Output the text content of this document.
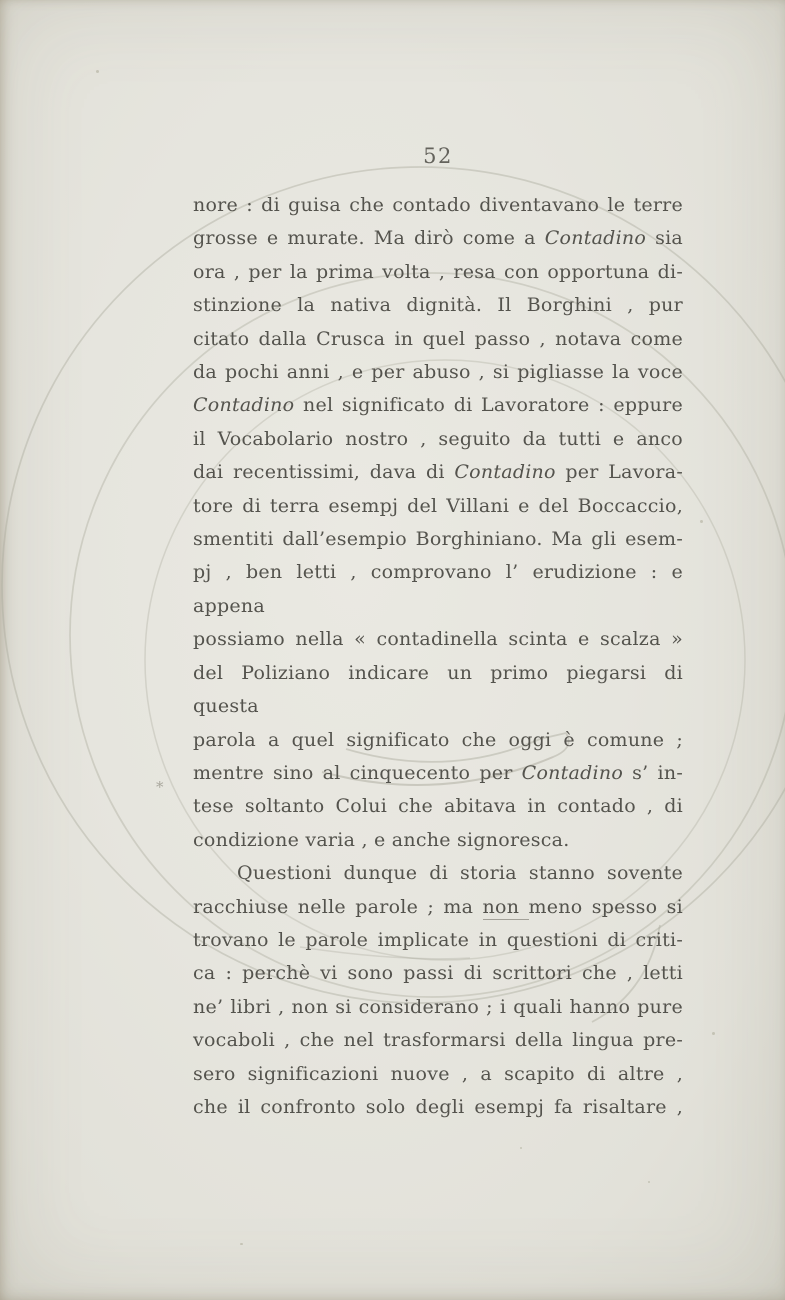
52
nore : di guisa che contado diventavano le terre
grosse e murate. Ma dirò come a Contadino sia
ora , per la prima volta , resa con opportuna di-
stinzione la nativa dignità. Il Borghini , pur
citato dalla Crusca in quel passo , notava come
da pochi anni , e per abuso , si pigliasse la voce
Contadino nel significato di Lavoratore : eppure
il Vocabolario nostro , seguito da tutti e anco
dai recentissimi, dava di Contadino per Lavora-
tore di terra esempj del Villani e del Boccaccio,
smentiti dall’esempio Borghiniano. Ma gli esem-
pj , ben letti , comprovano l’ erudizione : e appena
possiamo nella « contadinella scinta e scalza »
del Poliziano indicare un primo piegarsi di questa
parola a quel significato che oggi è comune ;
mentre sino al cinquecento per Contadino s’ in-
tese soltanto Colui che abitava in contado , di
condizione varia , e anche signoresca.
Questioni dunque di storia stanno sovente
racchiuse nelle parole ; ma non meno spesso si
trovano le parole implicate in questioni di criti-
ca : perchè vi sono passi di scrittori che , letti
ne’ libri , non si considerano ; i quali hanno pure
vocaboli , che nel trasformarsi della lingua pre-
sero significazioni nuove , a scapito di altre ,
che il confronto solo degli esempj fa risaltare ,
*
